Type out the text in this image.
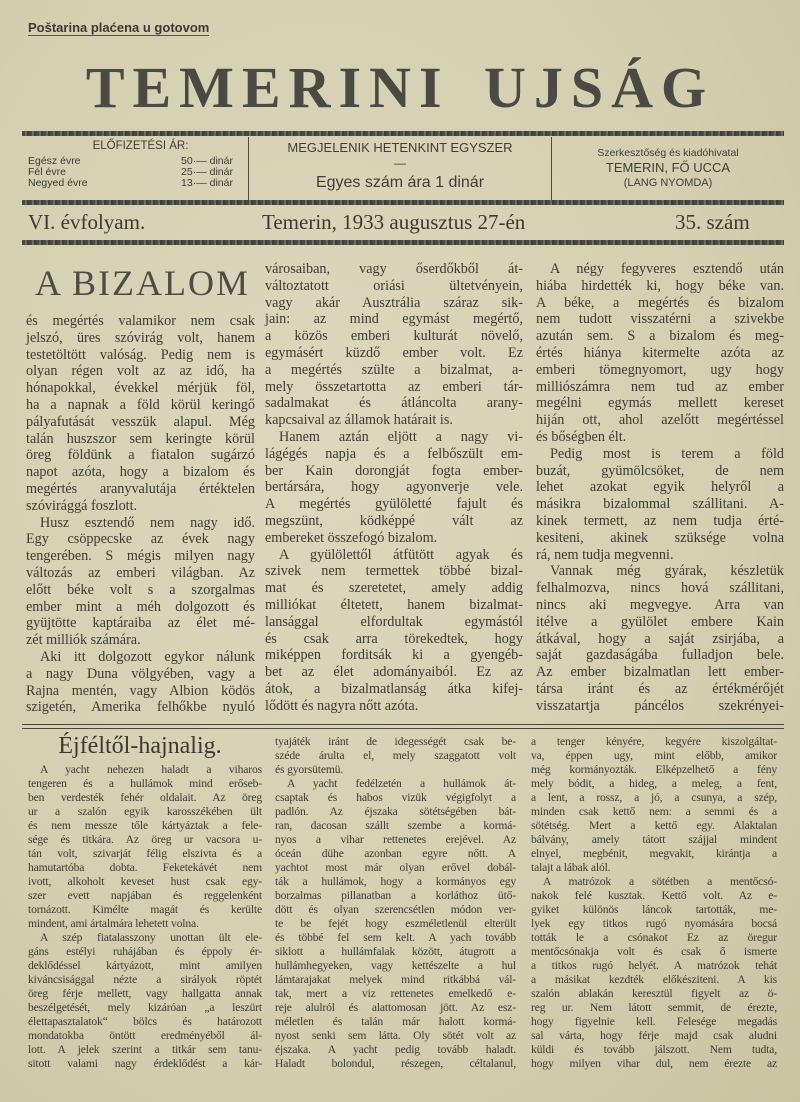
Poštarina plaćena u gotovom
TEMERINI UJSÁG
ELŐFIZETÉSI ÁR:
Egész évre	50·— dinár
Fél évre	25·— dinár
Negyed évre	13·— dinár
MEGJELENIK HETENKINT EGYSZER
—
Egyes szám ára 1 dinár
Szerkesztőség és kiadóhivatal
TEMERIN, FŐ UCCA
(LANG NYOMDA)
VI. évfolyam.	Temerin, 1933 augusztus 27-én	35. szám
A BIZALOM
és megértés valamikor nem csak
jelszó, üres szóvirág volt, hanem
testetöltött valóság. Pedig nem is
olyan régen volt az az idő, ha
hónapokkal, évekkel mérjük föl,
ha a napnak a föld körül keringő
pályafutását vesszük alapul. Még
talán huszszor sem keringte körül
öreg földünk a fiatalon sugárzó
napot azóta, hogy a bizalom és
megértés aranyvalutája értéktelen
szóvirággá foszlott.
Husz esztendő nem nagy idő.
Egy csöppecske az évek nagy
tengerében. S mégis milyen nagy
változás az emberi világban. Az
előtt béke volt s a szorgalmas
ember mint a méh dolgozott és
gyüjtötte kaptáraiba az élet mé-
zét milliók számára.
Aki itt dolgozott egykor nálunk
a nagy Duna völgyében, vagy a
Rajna mentén, vagy Albion ködös
szigetén, Amerika felhőkbe nyuló
városaiban, vagy őserdőkből át-
változtatott oriási ültetvényein,
vagy akár Ausztrália száraz sik-
jain: az mind egymást megértő,
a közös emberi kulturát növelő,
egymásért küzdő ember volt. Ez
a megértés szülte a bizalmat, a-
mely összetartotta az emberi tár-
sadalmakat és átláncolta arany-
kapcsaival az államok határait is.
Hanem aztán eljött a nagy vi-
lágégés napja és a felbőszült em-
ber Kain dorongját fogta ember-
bertársára, hogy agyonverje vele.
A megértés gyülöletté fajult és
megszünt, ködképpé vált az
embereket összefogó bizalom.
A gyülölettől átfütött agyak és
szivek nem termettek többé bizal-
mat és szeretetet, amely addig
milliókat éltetett, hanem bizalmat-
lansággal elfordultak egymástól
és csak arra törekedtek, hogy
miképpen forditsák ki a gyengéb-
bet az élet adományaiból. Ez az
átok, a bizalmatlanság átka kifej-
lődött és nagyra nőtt azóta.
A négy fegyveres esztendő után
hiába hirdették ki, hogy béke van.
A béke, a megértés és bizalom
nem tudott visszatérni a szivekbe
azután sem. S a bizalom és meg-
értés hiánya kitermelte azóta az
emberi tömegnyomort, ugy hogy
milliószámra nem tud az ember
megélni egymás mellett kereset
hiján ott, ahol azelőtt megértéssel
és bőségben élt.
Pedig most is terem a föld
buzát, gyümölcsöket, de nem
lehet azokat egyik helyről a
másikra bizalommal szállitani. A-
kinek termett, az nem tudja érté-
kesiteni, akinek szüksége volna
rá, nem tudja megvenni.
Vannak még gyárak, készletük
felhalmozva, nincs hová szállitani,
nincs aki megvegye. Arra van
itélve a gyülölet embere Kain
átkával, hogy a saját zsirjába, a
saját gazdaságába fulladjon bele.
Az ember bizalmatlan lett ember-
társa iránt és az értékmérőjét
visszatartja páncélos szekrényei-
Éjféltől-hajnalig.
A yacht nehezen haladt a viharos
tengeren és a hullámok mind erőseb-
ben verdesték fehér oldalait. Az öreg
ur a szalón egyik karosszékében ült
és nem messze tőle kártyáztak a fele-
sége és titkára. Az öreg ur vacsora u-
tán volt, szivarját félig elszivta és a
hamutartóba dobta. Feketekávét nem
ivott, alkoholt keveset hust csak egy-
szer evett napjában és reggelenként
tornázott. Kimélte magát és kerülte
mindent, ami ártalmára lehetett volna.
A szép fiatalasszony unottan ült ele-
gáns estélyi ruhájában és éppoly ér-
deklődéssel kártyázott, mint amilyen
kiváncsisággal nézte a sirályok röptét
öreg férje mellett, vagy hallgatta annak
beszélgetését, mely kizáróan „a leszürt
élettapasztalatok“ bölcs és határozott
mondatokba öntött eredményéből ál-
lott. A jelek szerint a titkár sem tanu-
sitott valami nagy érdeklődést a kár-
tyajáték iránt de idegességét csak be-
széde árulta el, mely szaggatott volt
és gyorsütemü.
A yacht fedélzetén a hullámok át-
csaptak és habos vizük végigfolyt a
padlón. Az éjszaka sötétségében bát-
ran, dacosan szállt szembe a kormá-
nyos a vihar rettenetes erejével. Az
óceán dühe azonban egyre nőtt. A
yachtot most már olyan erővel dobál-
ták a hullámok, hogy a kormányos egy
borzalmas pillanatban a korláthoz ütő-
dött és olyan szerencsétlen módon ver-
te be fejét hogy eszméletlenül elterült
és többé fel sem kelt. A yach tovább
siklott a hullámfalak között, átugrott a
hullámhegyeken, vagy kettészelte a hul
lámtarajakat melyek mind ritkábbá vál-
tak, mert a viz rettenetes emelkedő e-
reje alulról és alattomosan jött. Az esz-
méletlen és talán már halott kormá-
nyost senki sem látta. Oly sötét volt az
éjszaka. A yacht pedig tovább haladt.
Haladt bolondul, részegen, céltalanul,
a tenger kényére, kegyére kiszolgáltat-
va, éppen ugy, mint előbb, amikor
még kormányozták. Elképzelhető a fény
mely bódit, a hideg, a meleg, a fent,
a lent, a rossz, a jó, a csunya, a szép,
minden csak kettő nem: a semmi és a
sötétség. Mert a kettő egy. Alaktalan
bálvány, amely tátott szájjal mindent
elnyel, megbénit, megvakit, kirántja a
talajt a lábak alól.
A matrózok a sötétben a mentőcsó-
nakok felé kusztak. Kettő volt. Az e-
gyiket különös láncok tartották, me-
lyek egy titkos rugó nyomására bocsá
tották le a csónakot Ez az öregur
mentőcsónakja volt és csak ő ismerte
a titkos rugó helyét. A matrózok tehát
a másikat kezdték előkésziteni. A kis
szalón ablakán keresztül figyelt az ö-
reg ur. Nem látott semmit, de érezte,
hogy figyelnie kell. Felesége megadás
sal várta, hogy férje majd csak aludni
küldi és tovább jálszott. Nem tudta,
hogy milyen vihar dul, nem érezte az
